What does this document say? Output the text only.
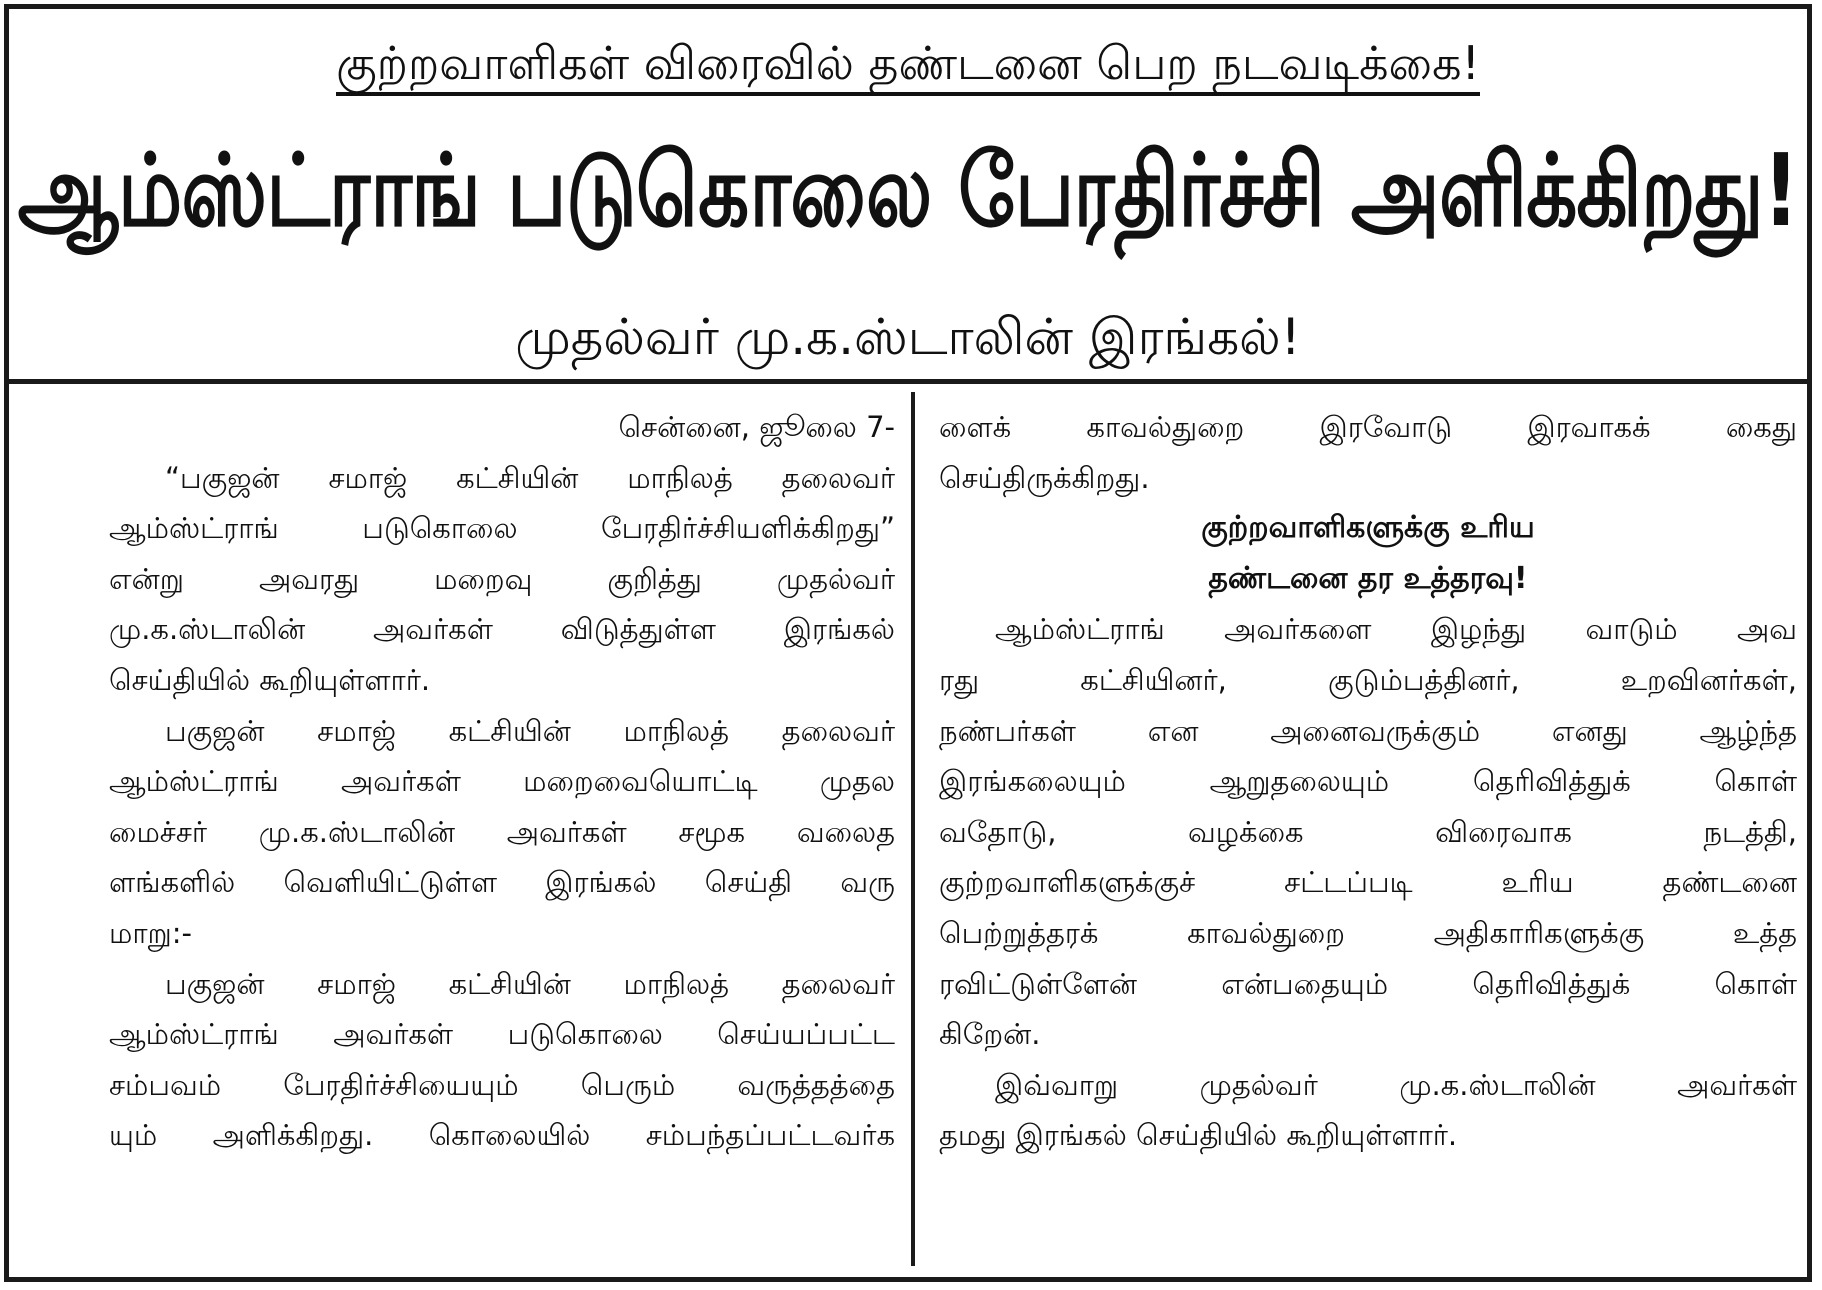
குற்றவாளிகள் விரைவில் தண்டனை பெற நடவடிக்கை!
ஆம்ஸ்ட்ராங் படுகொலை பேரதிர்ச்சி அளிக்கிறது!
முதல்வர் மு.க.ஸ்டாலின் இரங்கல்!
சென்னை, ஜூலை 7-
“பகுஜன் சமாஜ் கட்சியின் மாநிலத் தலைவர்
ஆம்ஸ்ட்ராங் படுகொலை பேரதிர்ச்சியளிக்கிறது”
என்று அவரது மறைவு குறித்து முதல்வர்
மு.க.ஸ்டாலின் அவர்கள் விடுத்துள்ள இரங்கல்
செய்தியில் கூறியுள்ளார்.
பகுஜன் சமாஜ் கட்சியின் மாநிலத் தலைவர்
ஆம்ஸ்ட்ராங் அவர்கள் மறைவையொட்டி முதல
மைச்சர் மு.க.ஸ்டாலின் அவர்கள் சமூக வலைத
ளங்களில் வெளியிட்டுள்ள இரங்கல் செய்தி வரு
மாறு:-
பகுஜன் சமாஜ் கட்சியின் மாநிலத் தலைவர்
ஆம்ஸ்ட்ராங் அவர்கள் படுகொலை செய்யப்பட்ட
சம்பவம் பேரதிர்ச்சியையும் பெரும் வருத்தத்தை
யும் அளிக்கிறது. கொலையில் சம்பந்தப்பட்டவர்க
ளைக் காவல்துறை இரவோடு இரவாகக் கைது
செய்திருக்கிறது.
குற்றவாளிகளுக்கு உரிய
தண்டனை தர உத்தரவு!
ஆம்ஸ்ட்ராங் அவர்களை இழந்து வாடும் அவ
ரது கட்சியினர், குடும்பத்தினர், உறவினர்கள்,
நண்பர்கள் என அனைவருக்கும் எனது ஆழ்ந்த
இரங்கலையும் ஆறுதலையும் தெரிவித்துக் கொள்
வதோடு, வழக்கை விரைவாக நடத்தி,
குற்றவாளிகளுக்குச் சட்டப்படி உரிய தண்டனை
பெற்றுத்தரக் காவல்துறை அதிகாரிகளுக்கு உத்த
ரவிட்டுள்ளேன் என்பதையும் தெரிவித்துக் கொள்
கிறேன்.
இவ்வாறு முதல்வர் மு.க.ஸ்டாலின் அவர்கள்
தமது இரங்கல் செய்தியில் கூறியுள்ளார்.
